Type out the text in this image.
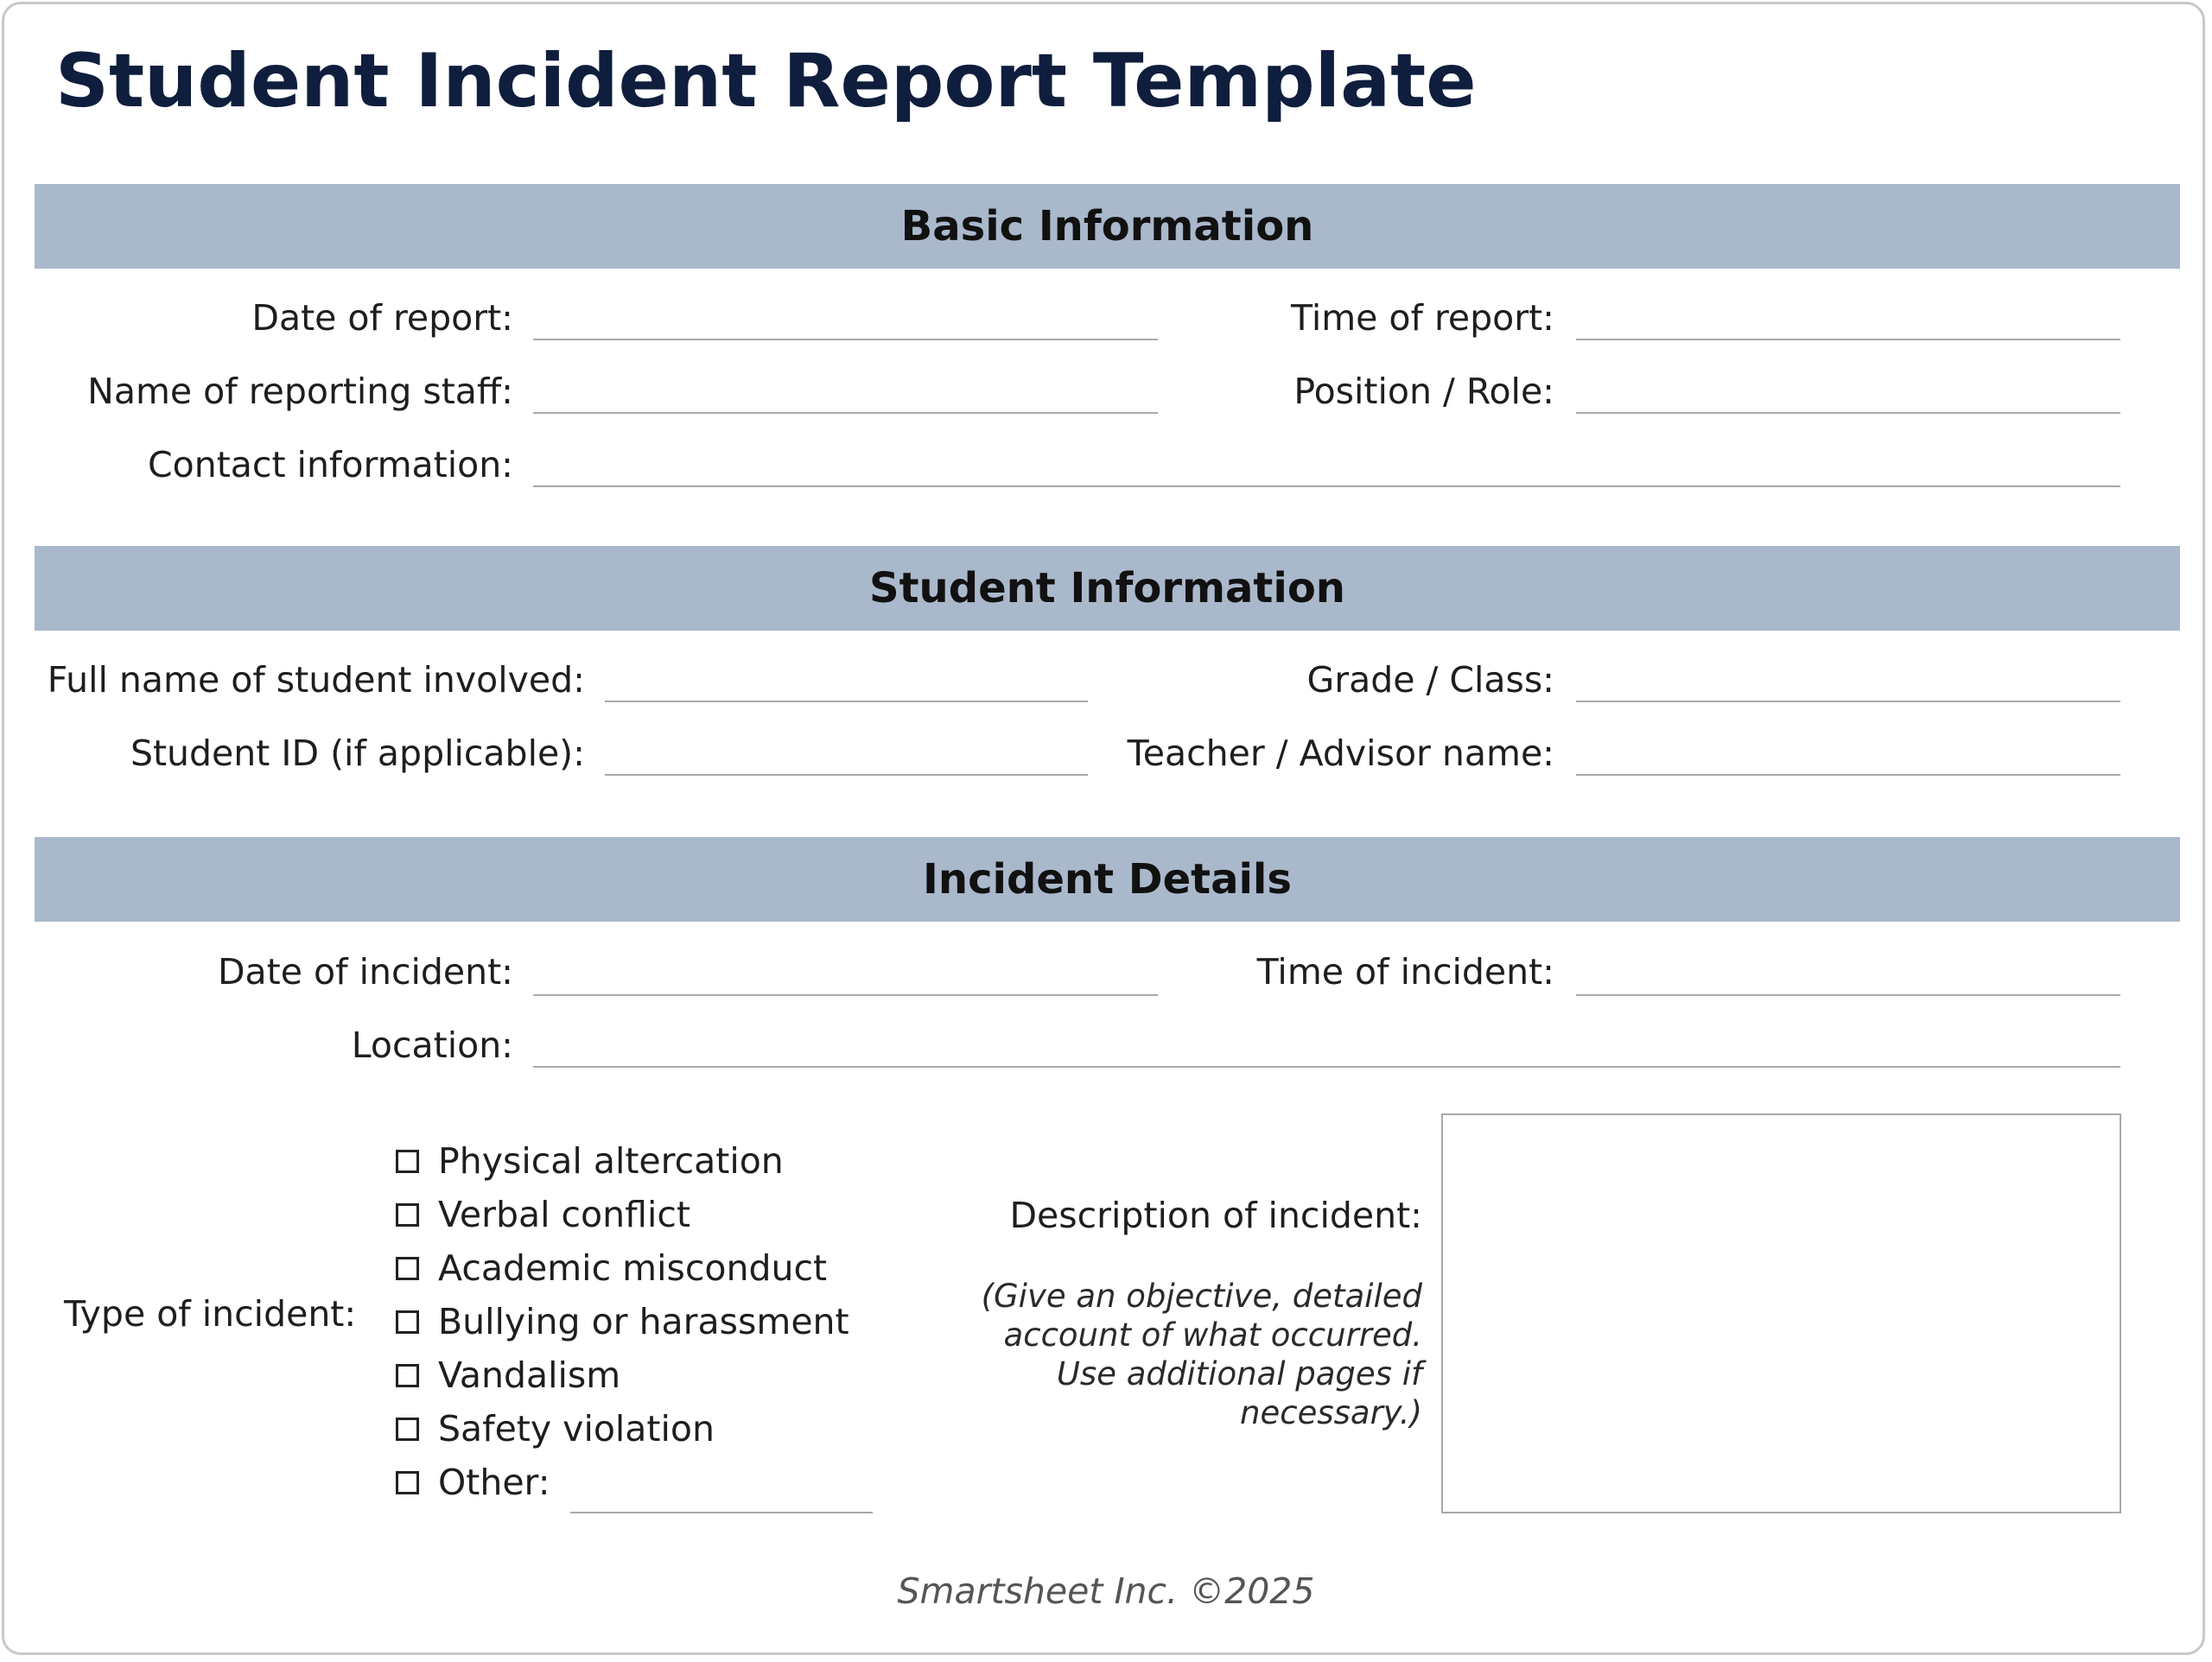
Student Incident Report Template
Basic Information
Date of report:	Time of report:
Name of reporting staff:	Position / Role:
Contact information:
Student Information
Full name of student involved:	Grade / Class:
Student ID (if applicable):	Teacher / Advisor name:
Incident Details
Date of incident:	Time of incident:
Location:
Type of incident:
Physical altercation
Verbal conflict
Academic misconduct
Bullying or harassment
Vandalism
Safety violation
Other:
Description of incident:
(Give an objective, detailed account of what occurred. Use additional pages if necessary.)
Smartsheet Inc. ©2025
